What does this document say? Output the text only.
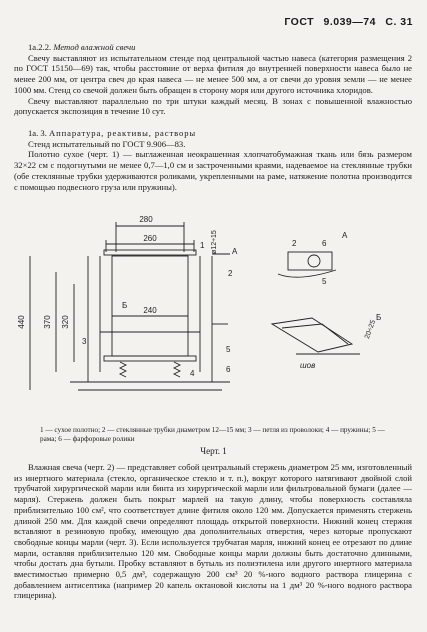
ГОСТ 9.039—74 С. 31

1а.2.2. Метод влажной свечи

Свечу выставляют из испытательном стенде под центральной частью навеса (категория размещения 2 по ГОСТ 15150—69) так, чтобы расстояние от верха фитиля до внутренней поверхности навеса было не менее 200 мм, от центра свеч до края навеса — не менее 500 мм, а от свечи до уровня земли — не менее 1000 мм. Стенд со свечой должен быть обращен в сторону моря или другого источника хлоридов.

Свечу выставляют параллельно по три штуки каждый месяц. В зонах с повышенной влажностью допускается экспозиция в течение 10 сут.

1а. 3. Аппаратура, реактивы, растворы

Стенд испытательный по ГОСТ 9.906—83.

Полотно сухое (черт. 1) — выглаженная неокрашенная хлопчатобумажная ткань или бязь размером 32×22 см с подогнутыми не менее 0,7—1,0 см и застроченными краями, надеваемое на стеклянные трубки (обе стеклянные трубки удерживаются роликами, укрепленными на раме, натяжение полотна производится с помощью подвесного груза или пружины).

280
260
240
440 370 320
ø12÷15
20÷25
А
Б
А
Б
1
2
3
4
5
6
2	6
5
шов
1 — сухое полотно; 2 — стеклянные трубки диаметром 12—15 мм; 3 — петля из проволоки; 4 — пружины; 5 — рама; 6 — фарфоровые ролики
Черт. 1

Влажная свеча (черт. 2) — представляет собой центральный стержень диаметром 25 мм, изготовленный из инертного материала (стекло, органическое стекло и т. п.), вокруг которого натягивают двойной слой трубчатой хирургической марли или бинта из хирургической марли или фильтровальной бумаги (далее — марля). Стержень должен быть покрыт марлей на такую длину, чтобы поверхность составляла приблизительно 100 см², что соответствует длине фитиля около 120 мм. Допускается применять стержень длиной 250 мм. Для каждой свечи определяют площадь открытой поверхности. Нижний конец стержня вставляют в резиновую пробку, имеющую два дополнительных отверстия, через которые пропускают свободные концы марли (черт. 3). Если используется трубчатая марля, нижний конец ее отрезают по длине марли, оставляя приблизительно 120 мм. Свободные концы марли должны быть достаточно длинными, чтобы достать дна бутыли. Пробку вставляют в бутыль из полиэтилена или другого инертного материала вместимостью примерно 0,5 дм³, содержащую 200 см³ 20 %-ного водного раствора глицерина с добавлением антисептика (например 20 капель октановой кислоты на 1 дм³ 20 %-ного водного раствора глицерина).
